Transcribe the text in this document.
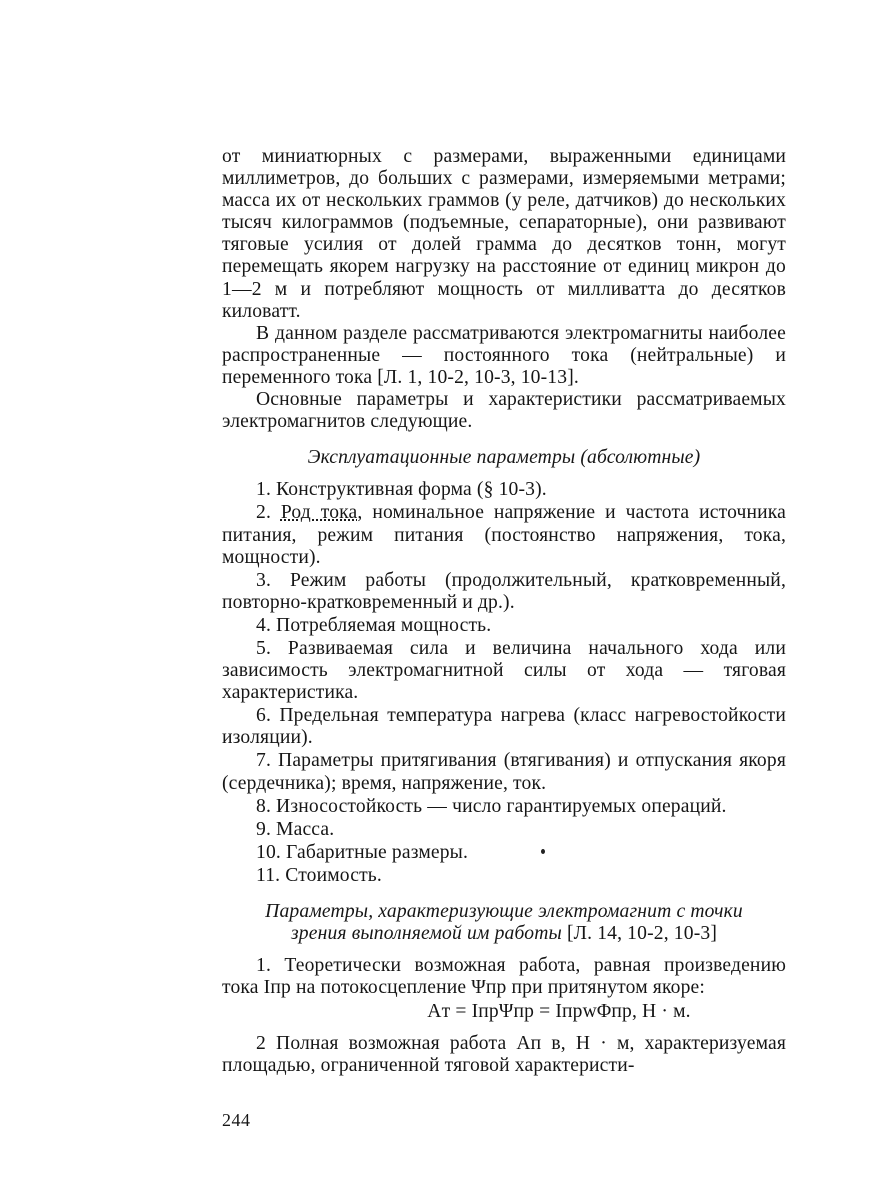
от миниатюрных с размерами, выраженными единицами миллиметров, до больших с размерами, измеряемыми метрами; масса их от нескольких граммов (у реле, датчиков) до нескольких тысяч килограммов (подъемные, сепараторные), они развивают тяговые усилия от долей грамма до десятков тонн, могут перемещать якорем нагрузку на расстояние от единиц микрон до 1—2 м и потребляют мощность от милливатта до десятков киловатт.

В данном разделе рассматриваются электромагниты наиболее распространенные — постоянного тока (нейтральные) и переменного тока [Л. 1, 10-2, 10-3, 10-13].

Основные параметры и характеристики рассматриваемых электромагнитов следующие.

Эксплуатационные параметры (абсолютные)

1. Конструктивная форма (§ 10-3).

2. Род тока, номинальное напряжение и частота источника питания, режим питания (постоянство напряжения, тока, мощности).

3. Режим работы (продолжительный, кратковременный, повторно-кратковременный и др.).

4. Потребляемая мощность.

5. Развиваемая сила и величина начального хода или зависимость электромагнитной силы от хода — тяговая характеристика.

6. Предельная температура нагрева (класс нагревостойкости изоляции).

7. Параметры притягивания (втягивания) и отпускания якоря (сердечника); время, напряжение, ток.

8. Износостойкость — число гарантируемых операций.

9. Масса.

10. Габаритные размеры.

11. Стоимость.

Параметры, характеризующие электромагнит с точки
зрения выполняемой им работы [Л. 14, 10-2, 10-3]

1. Теоретически возможная работа, равная произведению тока Iпр на потокосцепление Ψпр при притянутом якоре:

Aт = IпрΨпр = IпрwΦпр, Н · м.

2 Полная возможная работа Aп в, Н · м, характеризуемая площадью, ограниченной тяговой характеристи-

244
